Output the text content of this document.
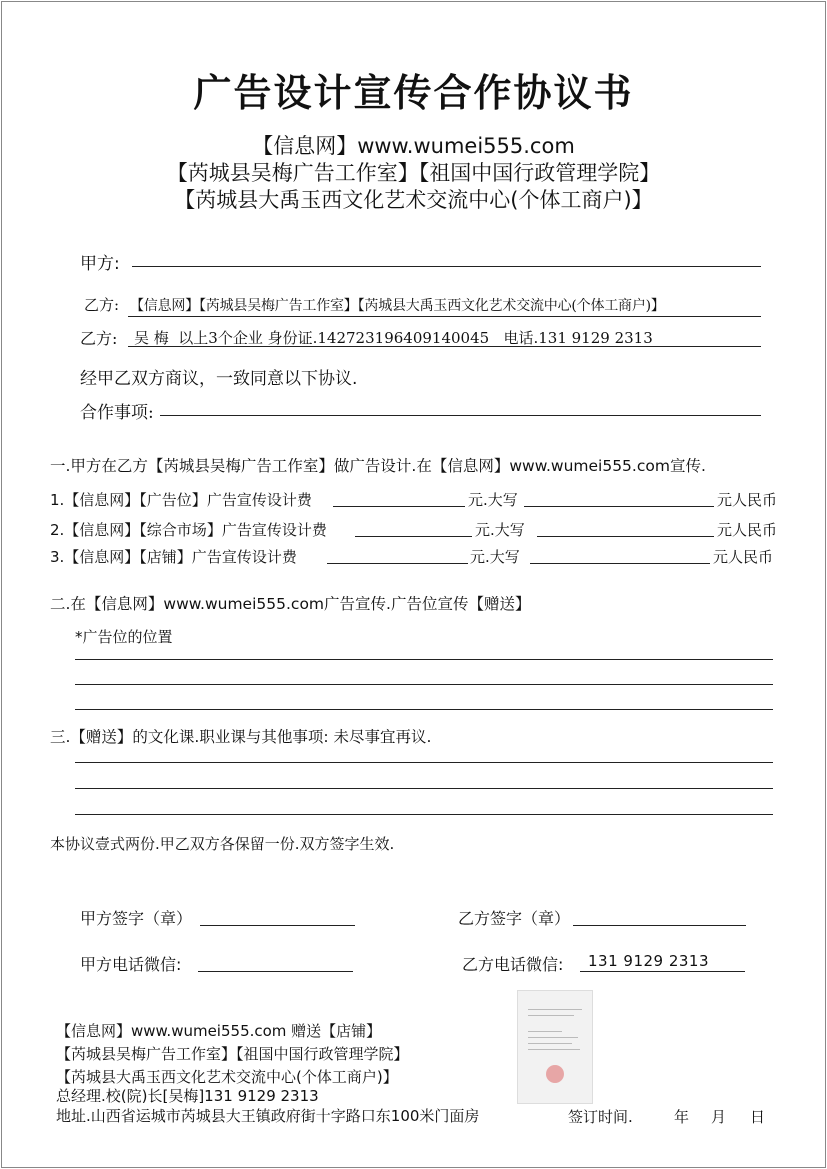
广告设计宣传合作协议书
【信息网】www.wumei555.com
【芮城县吴梅广告工作室】【祖国中国行政管理学院】
【芮城县大禹玉西文化艺术交流中心(个体工商户)】
甲方:
乙方: 【信息网】【芮城县吴梅广告工作室】【芮城县大禹玉西文化艺术交流中心(个体工商户)】
乙方: 吴 梅  以上3个企业 身份证.142723196409140045   电话.131 9129 2313
经甲乙双方商议，一致同意以下协议.
合作事项:
一.甲方在乙方【芮城县吴梅广告工作室】做广告设计.在【信息网】www.wumei555.com宣传.
1.【信息网】【广告位】广告宣传设计费	元.大写	元人民币
2.【信息网】【综合市场】广告宣传设计费	元.大写	元人民币
3.【信息网】【店铺】广告宣传设计费	元.大写	元人民币
二.在【信息网】www.wumei555.com广告宣传.广告位宣传【赠送】
*广告位的位置
三.【赠送】的文化课.职业课与其他事项: 未尽事宜再议.
本协议壹式两份.甲乙双方各保留一份.双方签字生效.
甲方签字（章）	乙方签字（章）
甲方电话微信:	乙方电话微信: 131 9129 2313
【信息网】www.wumei555.com 赠送【店铺】
【芮城县吴梅广告工作室】【祖国中国行政管理学院】
【芮城县大禹玉西文化艺术交流中心(个体工商户)】
总经理.校(院)长[吴梅]131 9129 2313
地址.山西省运城市芮城县大王镇政府街十字路口东100米门面房	签订时间.	年 月 日
